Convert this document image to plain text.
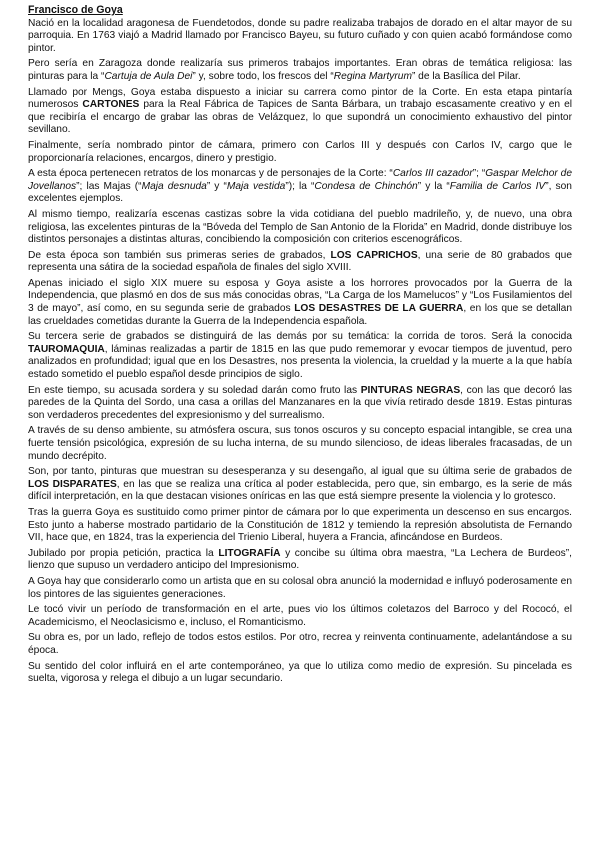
Francisco de Goya

Nació en la localidad aragonesa de Fuendetodos, donde su padre realizaba trabajos de dorado en el altar mayor de su parroquia. En 1763 viajó a Madrid llamado por Francisco Bayeu, su futuro cuñado y con quien acabó formándose como pintor.

Pero sería en Zaragoza donde realizaría sus primeros trabajos importantes. Eran obras de temática religiosa: las pinturas para la “Cartuja de Aula Dei” y, sobre todo, los frescos del “Regina Martyrum” de la Basílica del Pilar.

Llamado por Mengs, Goya estaba dispuesto a iniciar su carrera como pintor de la Corte. En esta etapa pintaría numerosos CARTONES para la Real Fábrica de Tapices de Santa Bárbara, un trabajo escasamente creativo y en el que recibiría el encargo de grabar las obras de Velázquez, lo que supondrá un conocimiento exhaustivo del pintor sevillano.

Finalmente, sería nombrado pintor de cámara, primero con Carlos III y después con Carlos IV, cargo que le proporcionaría relaciones, encargos, dinero y prestigio.

A esta época pertenecen retratos de los monarcas y de personajes de la Corte: “Carlos III cazador”; “Gaspar Melchor de Jovellanos”; las Majas (“Maja desnuda” y “Maja vestida”); la “Condesa de Chinchón” y la “Familia de Carlos IV”, son excelentes ejemplos.

Al mismo tiempo, realizaría escenas castizas sobre la vida cotidiana del pueblo madrileño, y, de nuevo, una obra religiosa, las excelentes pinturas de la “Bóveda del Templo de San Antonio de la Florida” en Madrid, donde distribuye los distintos personajes a distintas alturas, concibiendo la composición con criterios escenográficos.

De esta época son también sus primeras series de grabados, LOS CAPRICHOS, una serie de 80 grabados que representa una sátira de la sociedad española de finales del siglo XVIII.

Apenas iniciado el siglo XIX muere su esposa y Goya asiste a los horrores provocados por la Guerra de la Independencia, que plasmó en dos de sus más conocidas obras, “La Carga de los Mamelucos” y “Los Fusilamientos del 3 de mayo”, así como, en su segunda serie de grabados LOS DESASTRES DE LA GUERRA, en los que se detallan las crueldades cometidas durante la Guerra de la Independencia española.

Su tercera serie de grabados se distinguirá de las demás por su temática: la corrida de toros. Será la conocida TAUROMAQUIA, láminas realizadas a partir de 1815 en las que pudo rememorar y evocar tiempos de juventud, pero analizados en profundidad; igual que en los Desastres, nos presenta la violencia, la crueldad y la muerte a la que había estado sometido el pueblo español desde principios de siglo.

En este tiempo, su acusada sordera y su soledad darán como fruto las PINTURAS NEGRAS, con las que decoró las paredes de la Quinta del Sordo, una casa a orillas del Manzanares en la que vivía retirado desde 1819. Estas pinturas son verdaderos precedentes del expresionismo y del surrealismo.

A través de su denso ambiente, su atmósfera oscura, sus tonos oscuros y su concepto espacial intangible, se crea una fuerte tensión psicológica, expresión de su lucha interna, de su mundo silencioso, de ideas liberales fracasadas, de un mundo decrépito.

Son, por tanto, pinturas que muestran su desesperanza y su desengaño, al igual que su última serie de grabados de LOS DISPARATES, en las que se realiza una crítica al poder establecida, pero que, sin embargo, es la serie de más difícil interpretación, en la que destacan visiones oníricas en las que está siempre presente la violencia y lo grotesco.

Tras la guerra Goya es sustituido como primer pintor de cámara por lo que experimenta un descenso en sus encargos. Esto junto a haberse mostrado partidario de la Constitución de 1812 y temiendo la represión absolutista de Fernando VII, hace que, en 1824, tras la experiencia del Trienio Liberal, huyera a Francia, afincándose en Burdeos.

Jubilado por propia petición, practica la LITOGRAFÍA y concibe su última obra maestra, “La Lechera de Burdeos”, lienzo que supuso un verdadero anticipo del Impresionismo.

A Goya hay que considerarlo como un artista que en su colosal obra anunció la modernidad e influyó poderosamente en los pintores de las siguientes generaciones.

Le tocó vivir un período de transformación en el arte, pues vio los últimos coletazos del Barroco y del Rococó, el Academicismo, el Neoclasicismo e, incluso, el Romanticismo.

Su obra es, por un lado, reflejo de todos estos estilos. Por otro, recrea y reinventa continuamente, adelantándose a su época.

Su sentido del color influirá en el arte contemporáneo, ya que lo utiliza como medio de expresión. Su pincelada es suelta, vigorosa y relega el dibujo a un lugar secundario.
